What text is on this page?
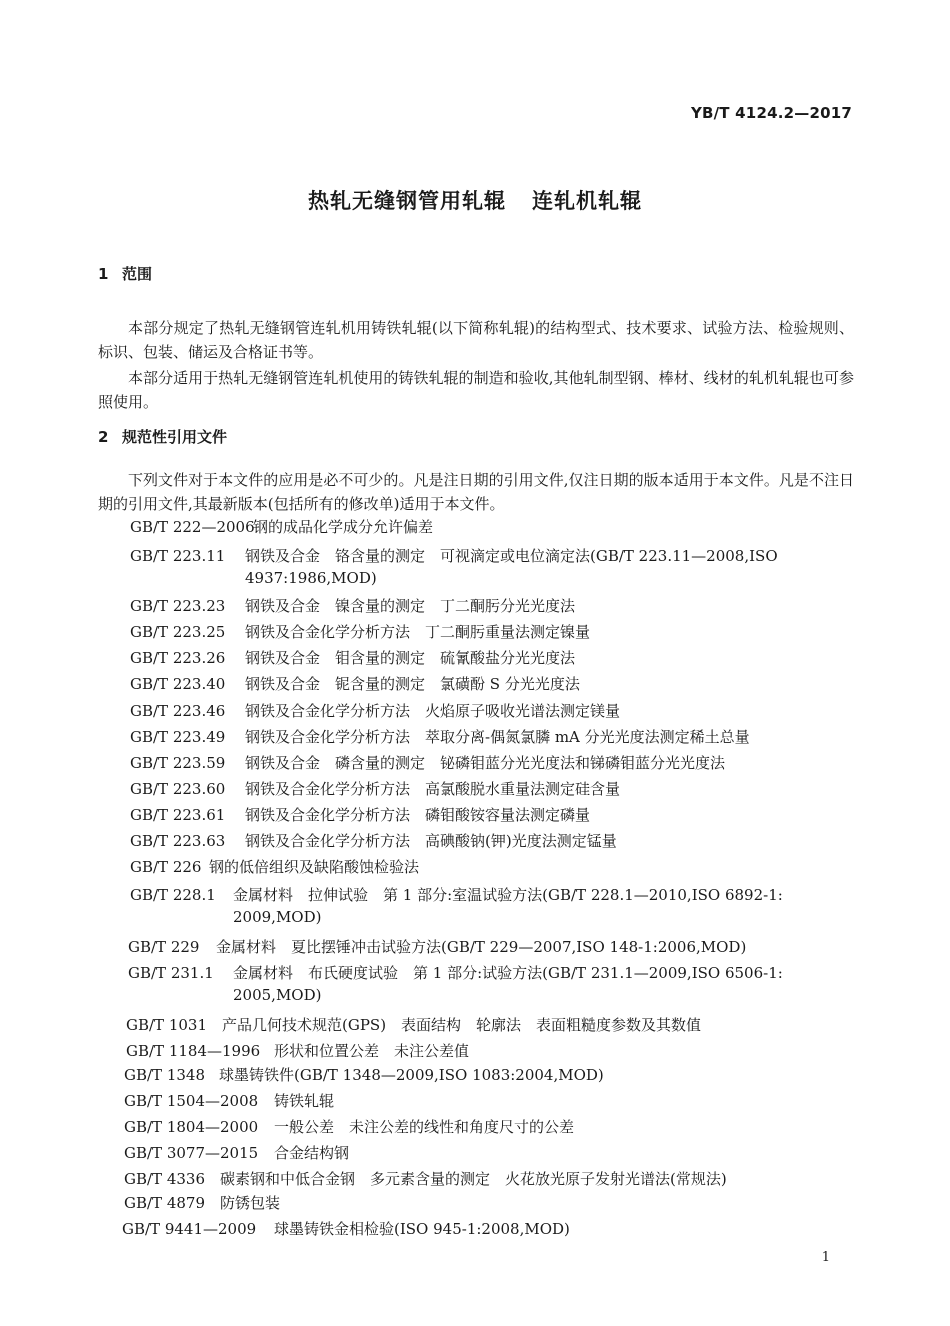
YB/T 4124.2—2017
热轧无缝钢管用轧辊 连轧机轧辊
1 范围
本部分规定了热轧无缝钢管连轧机用铸铁轧辊(以下简称轧辊)的结构型式、技术要求、试验方法、检验规则、标识、包装、储运及合格证书等。
本部分适用于热轧无缝钢管连轧机使用的铸铁轧辊的制造和验收,其他轧制型钢、棒材、线材的轧机轧辊也可参照使用。
2 规范性引用文件
下列文件对于本文件的应用是必不可少的。凡是注日期的引用文件,仅注日期的版本适用于本文件。凡是不注日期的引用文件,其最新版本(包括所有的修改单)适用于本文件。
GB/T 222—2006钢的成品化学成分允许偏差
GB/T 223.11 钢铁及合金　铬含量的测定　可视滴定或电位滴定法(GB/T 223.11—2008,ISO
4937:1986,MOD)
GB/T 223.23 钢铁及合金　镍含量的测定　丁二酮肟分光光度法
GB/T 223.25 钢铁及合金化学分析方法　丁二酮肟重量法测定镍量
GB/T 223.26 钢铁及合金　钼含量的测定　硫氰酸盐分光光度法
GB/T 223.40 钢铁及合金　铌含量的测定　氯磺酚 S 分光光度法
GB/T 223.46 钢铁及合金化学分析方法　火焰原子吸收光谱法测定镁量
GB/T 223.49 钢铁及合金化学分析方法　萃取分离-偶氮氯膦 mA 分光光度法测定稀土总量
GB/T 223.59 钢铁及合金　磷含量的测定　铋磷钼蓝分光光度法和锑磷钼蓝分光光度法
GB/T 223.60 钢铁及合金化学分析方法　高氯酸脱水重量法测定硅含量
GB/T 223.61 钢铁及合金化学分析方法　磷钼酸铵容量法测定磷量
GB/T 223.63 钢铁及合金化学分析方法　高碘酸钠(钾)光度法测定锰量
GB/T 226 钢的低倍组织及缺陷酸蚀检验法
GB/T 228.1 金属材料　拉伸试验　第 1 部分:室温试验方法(GB/T 228.1—2010,ISO 6892-1:
2009,MOD)
GB/T 229 金属材料　夏比摆锤冲击试验方法(GB/T 229—2007,ISO 148-1:2006,MOD)
GB/T 231.1 金属材料　布氏硬度试验　第 1 部分:试验方法(GB/T 231.1—2009,ISO 6506-1:
2005,MOD)
GB/T 1031 产品几何技术规范(GPS)　表面结构　轮廓法　表面粗糙度参数及其数值
GB/T 1184—1996 形状和位置公差　未注公差值
GB/T 1348 球墨铸铁件(GB/T 1348—2009,ISO 1083:2004,MOD)
GB/T 1504—2008 铸铁轧辊
GB/T 1804—2000 一般公差　未注公差的线性和角度尺寸的公差
GB/T 3077—2015 合金结构钢
GB/T 4336 碳素钢和中低合金钢　多元素含量的测定　火花放光原子发射光谱法(常规法)
GB/T 4879 防锈包装
GB/T 9441—2009 球墨铸铁金相检验(ISO 945-1:2008,MOD)
1
